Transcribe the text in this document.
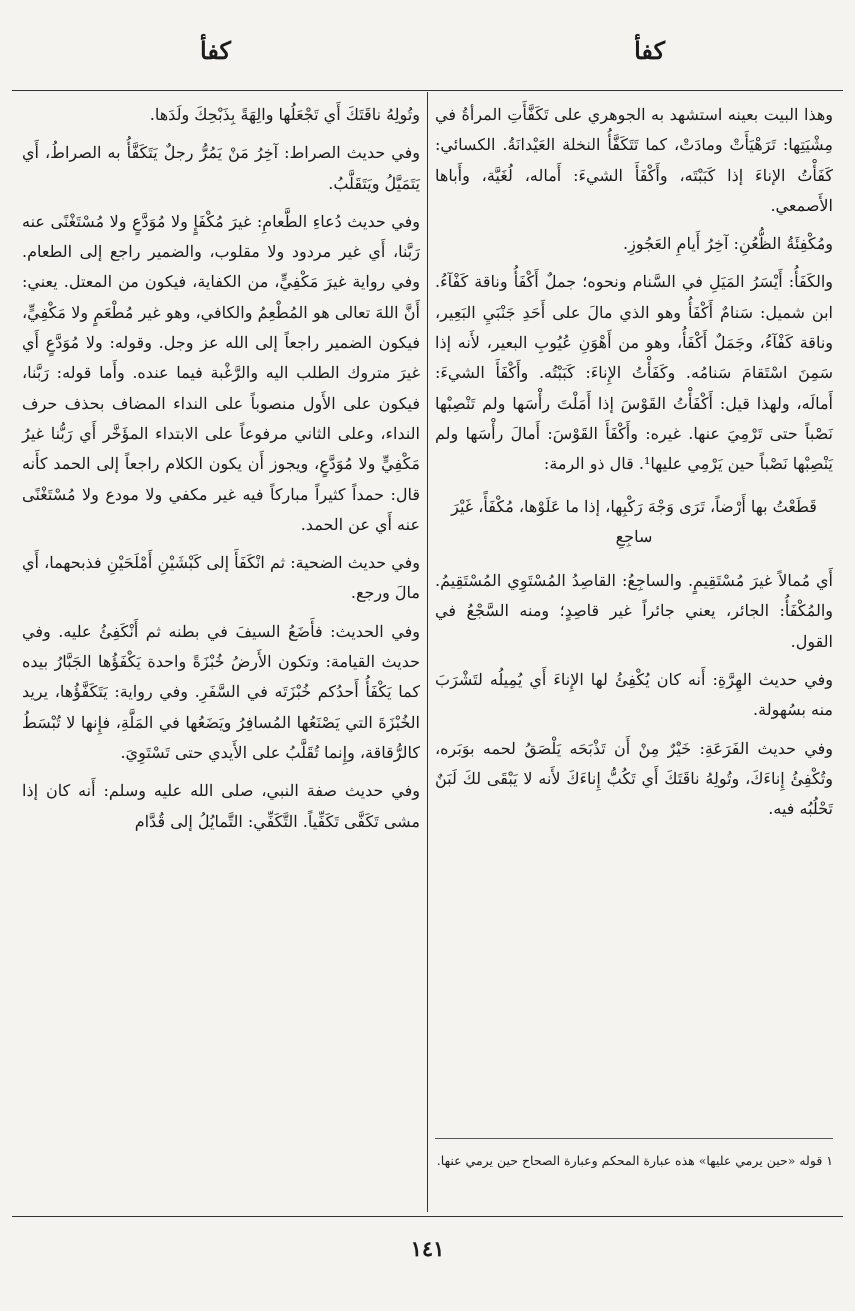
كفأ
كفأ

وهذا البيت بعينه استشهد به الجوهري على تَكَفَّأَتِ المرأةُ في مِشْيَتِها: تَرَهْيَأَتْ ومادَتْ، كما تَتَكَفَّأُ النخلة العَيْدانَةُ. الكسائي: كَفَأْتُ الإناءَ إذا كَبَبْتَه، وأَكْفَأَ الشيءَ: أَماله، لُغَيَّة، وأَباها الأَصمعي.

ومُكْفِئَةُ الظُّعُنِ: آخِرُ أَيامِ العَجُوزِ.

والكَفَأُ: أَيْسَرُ المَيَلِ في السَّنام ونحوه؛ جملٌ أَكْفَأُ وناقة كَفْآءُ. ابن شميل: سَنامٌ أَكْفَأُ وهو الذي مالَ على أَحَدِ جَنْبَيِ البَعِير، وناقة كَفْآءُ، وجَمَلٌ أَكْفَأُ، وهو من أَهْوَنِ عُيُوبِ البعير، لأَنه إذا سَمِنَ اسْتَقامَ سَنامُه. وكَفَأْتُ الإِناءَ: كَبَبْتُه. وأَكْفَأَ الشيءَ: أَمالَه، ولهذا قيل: أَكْفَأْتُ القَوْسَ إذا أَمَلْتَ رأْسَها ولم تَنْصِبْها نَصْباً حتى تَرْمِيَ عنها. غيره: وأَكْفَأَ القَوْسَ: أَمالَ رأْسَها ولم يَنْصِبْها نَصْباً حين يَرْمِي عليها¹. قال ذو الرمة:

قَطَعْتُ بها أَرْضاً، تَرَى وَجْهَ رَكْبِها، إذا ما عَلَوْها، مُكْفَأً، غَيْرَ ساجِعِ

أَي مُمالاً غيرَ مُسْتَقِيمٍ. والساجِعُ: القاصِدُ المُسْتَوِي المُسْتَقِيمُ. والمُكْفَأُ: الجائر، يعني جائراً غير قاصِدٍ؛ ومنه السَّجْعُ في القول.

وفي حديث الهِرَّةِ: أَنه كان يُكْفِئُ لها الإِناءَ أَي يُمِيلُه لتَشْرَبَ منه بسُهولة.

وفي حديث الفَرَعَةِ: خَيْرٌ مِنْ أَن تَذْبَحَه يَلْصَقُ لحمه بوَبَره، وتُكْفِئُ إِناءَكَ، وتُولِهُ ناقَتَكَ أَي تَكُبُّ إِناءَكَ لأَنه لا يَبْقَى لكَ لَبَنٌ تَحْلُبُه فيه.

وتُولِهُ ناقَتَكَ أَي تَجْعَلُها والِهَةً بِذَبْحِكَ ولَدَها.

وفي حديث الصراط: آخِرُ مَنْ يَمُرُّ رجلٌ يَتَكَفَّأُ به الصراطُ، أَي يَتَمَيَّلُ ويَتَقَلَّبُ.

وفي حديث دُعاءِ الطَّعامِ: غيرَ مُكْفَإٍ ولا مُوَدَّعٍ ولا مُسْتَغْنًى عنه رَبَّنا، أَي غير مردود ولا مقلوب، والضمير راجع إلى الطعام. وفي رواية غيرَ مَكْفِيٍّ، من الكفاية، فيكون من المعتل. يعني: أَنَّ اللهَ تعالى هو المُطْعِمُ والكافي، وهو غير مُطْعَمٍ ولا مَكْفِيٍّ، فيكون الضمير راجعاً إلى الله عز وجل. وقوله: ولا مُوَدَّعٍ أَي غيرَ متروك الطلب اليه والرَّغْبة فيما عنده. وأَما قوله: رَبَّنا، فيكون على الأَول منصوباً على النداء المضاف بحذف حرف النداء، وعلى الثاني مرفوعاً على الابتداء المؤَخَّر أَي رَبُّنا غيرُ مَكْفِيٍّ ولا مُوَدَّعٍ، ويجوز أَن يكون الكلام راجعاً إلى الحمد كأَنه قال: حمداً كثيراً مباركاً فيه غير مكفي ولا مودع ولا مُسْتَغْنًى عنه أَي عن الحمد.

وفي حديث الضحية: ثم انْكَفَأَ إلى كَبْشَيْنِ أَمْلَحَيْنِ فذبحهما، أَي مالَ ورجع.

وفي الحديث: فأَضَعُ السيفَ في بطنه ثم أَنْكَفِئُ عليه. وفي حديث القيامة: وتكون الأَرضُ خُبْزَةً واحدة يَكْفَؤُها الجَبَّارُ بيده كما يَكْفَأُ أَحدُكم خُبْزَتَه في السَّفَرِ. وفي رواية: يَتَكَفَّؤُها، يريد الخُبْزَةَ التي يَصْنَعُها المُسافِرُ ويَضَعُها في المَلَّةِ، فإِنها لا تُبْسَطُ كالرُّقاقة، وإِنما تُقَلَّبُ على الأَيدي حتى تَسْتَوِيَ.

وفي حديث صفة النبي، صلى الله عليه وسلم: أَنه كان إذا مشى تَكَفَّى تَكَفِّياً. التَّكَفِّي: التَّمايُلُ إلى قُدَّام

١ قوله «حين يرمي عليها» هذه عبارة المحكم وعبارة الصحاح حين يرمي عنها.
١٤١
